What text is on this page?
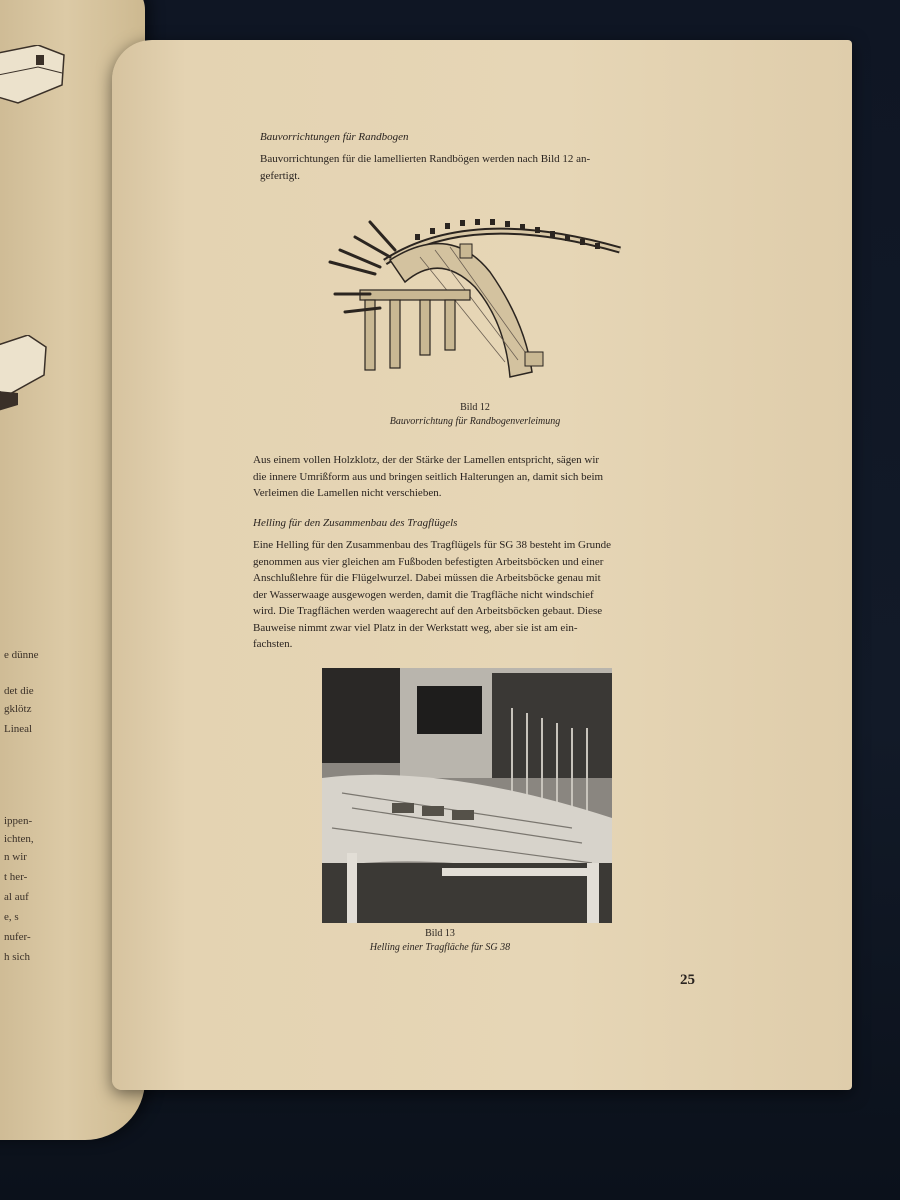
e dünne
det die
gklötz
Lineal
ippen-
ichten,
n wir
t her-
al auf
e, s
nufer-
h sich
Bauvorrichtungen für Randbogen
Bauvorrichtungen für die lamellierten Randbögen werden nach Bild 12 an-
gefertigt.
Bild 12
Bauvorrichtung für Randbogenverleimung
Aus einem vollen Holzklotz, der der Stärke der Lamellen entspricht, sägen wir
die innere Umrißform aus und bringen seitlich Halterungen an, damit sich beim
Verleimen die Lamellen nicht verschieben.
Helling für den Zusammenbau des Tragflügels
Eine Helling für den Zusammenbau des Tragflügels für SG 38 besteht im Grunde
genommen aus vier gleichen am Fußboden befestigten Arbeitsböcken und einer
Anschlußlehre für die Flügelwurzel. Dabei müssen die Arbeitsböcke genau mit
der Wasserwaage ausgewogen werden, damit die Tragfläche nicht windschief
wird. Die Tragflächen werden waagerecht auf den Arbeitsböcken gebaut. Diese
Bauweise nimmt zwar viel Platz in der Werkstatt weg, aber sie ist am ein-
fachsten.
Bild 13
Helling einer Tragfläche für SG 38
25
